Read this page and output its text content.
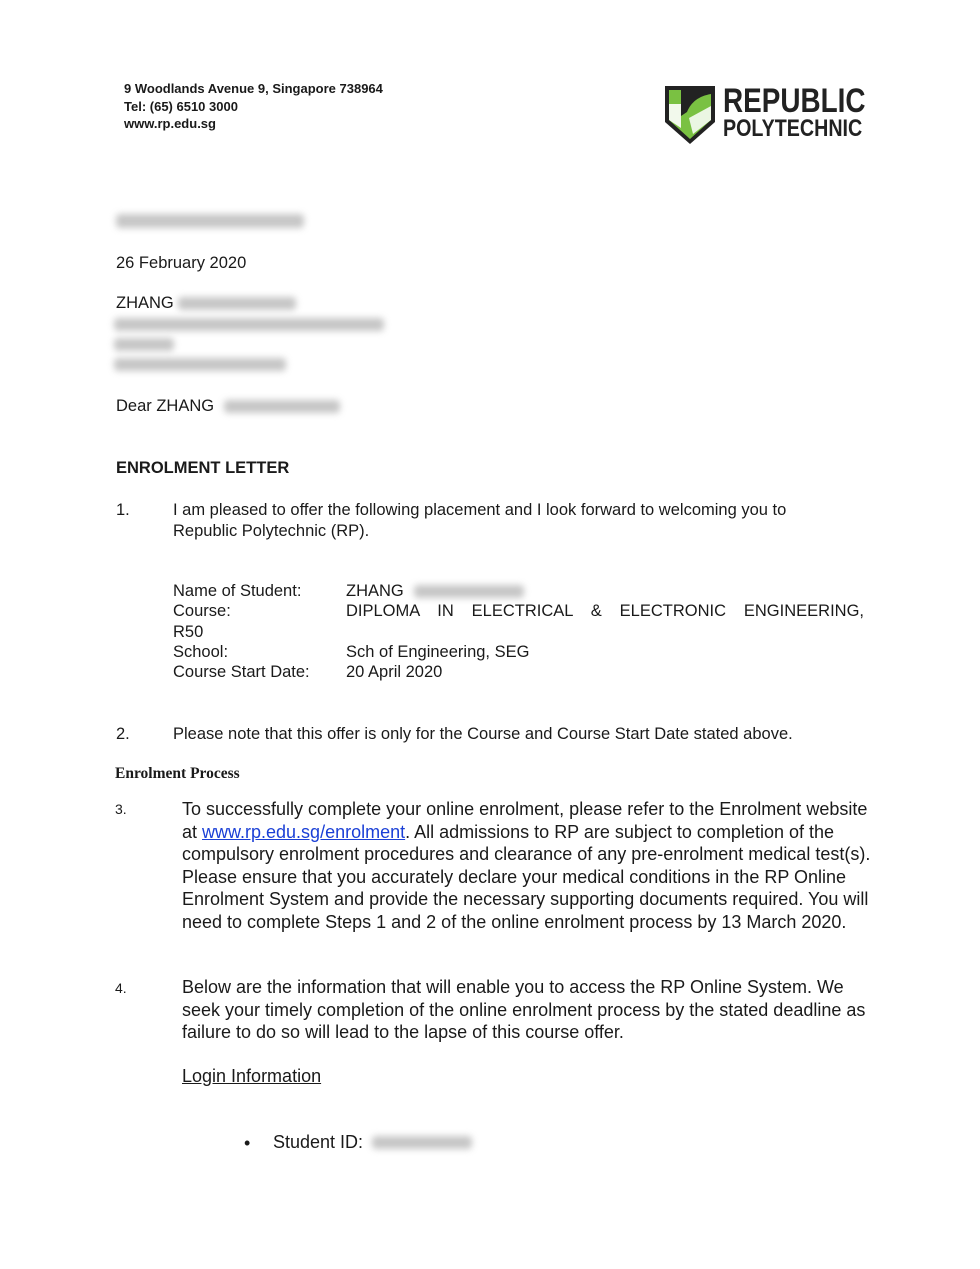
9 Woodlands Avenue 9, Singapore 738964
Tel: (65) 6510 3000
www.rp.edu.sg
REPUBLIC
POLYTECHNIC
26 February 2020
ZHANG
Dear ZHANG
ENROLMENT LETTER
1.	I am pleased to offer the following placement and I look forward to welcoming you to Republic Polytechnic (RP).
Name of Student:	ZHANG
Course:	DIPLOMA IN ELECTRICAL & ELECTRONIC ENGINEERING,
R50
School:	Sch of Engineering, SEG
Course Start Date: 20 April 2020
2.	Please note that this offer is only for the Course and Course Start Date stated above.
Enrolment Process
3.	To successfully complete your online enrolment, please refer to the Enrolment website at www.rp.edu.sg/enrolment. All admissions to RP are subject to completion of the compulsory enrolment procedures and clearance of any pre-enrolment medical test(s). Please ensure that you accurately declare your medical conditions in the RP Online Enrolment System and provide the necessary supporting documents required. You will need to complete Steps 1 and 2 of the online enrolment process by 13 March 2020.
4.	Below are the information that will enable you to access the RP Online System. We seek your timely completion of the online enrolment process by the stated deadline as failure to do so will lead to the lapse of this course offer.
Login Information
• Student ID:
